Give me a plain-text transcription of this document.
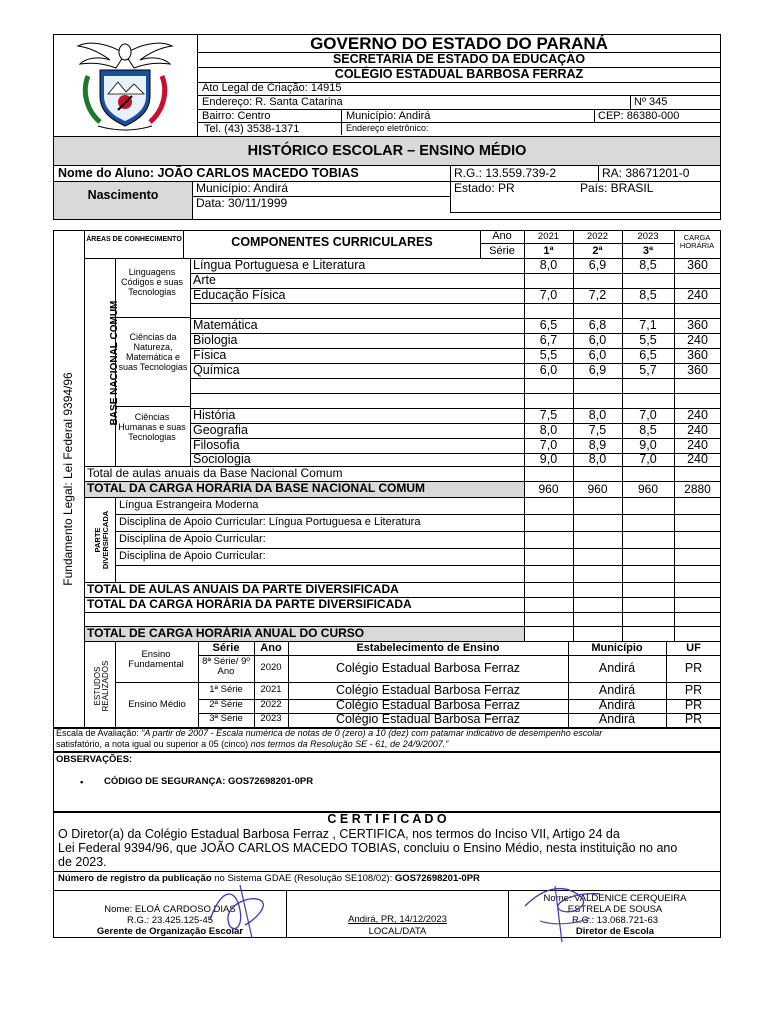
GOVERNO DO ESTADO DO PARANÁ
SECRETARIA DE ESTADO DA EDUCAÇÃO
COLÉGIO ESTADUAL BARBOSA FERRAZ
Ato Legal de Criação: 14915
Endereço: R. Santa Catarina	Nº 345
Bairro: Centro	Município: Andirá	CEP: 86380-000
Tel. (43) 3538-1371	Endereço eletrônico:
HISTÓRICO ESCOLAR – ENSINO MÉDIO
Nome do Aluno: JOÃO CARLOS MACEDO TOBIAS	R.G.: 13.559.739-2	RA: 38671201-0
Nascimento	Município: Andirá	Estado: PR	País: BRASIL
Data: 30/11/1999
Fundamento Legal: Lei Federal 9394/96
ÁREAS DE CONHECIMENTO	COMPONENTES CURRICULARES	Ano
Série
CARGA HORÁRIA
2021	2022	2023
1ª	2ª	3ª
BASE NACIONAL COMUM
Linguagens Códigos e suas Tecnologias
Ciências da Natureza, Matemática e suas Tecnologias
Ciências Humanas e suas Tecnologias
Língua Portuguesa e Literatura	8,0	6,9	8,5	360
Arte
Educação Física	7,0	7,2	8,5	240
Matemática	6,5	6,8	7,1	360
Biologia	6,7	6,0	5,5	240
Física	5,5	6,0	6,5	360
Química	6,0	6,9	5,7	360
História	7,5	8,0	7,0	240
Geografia	8,0	7,5	8,5	240
Filosofia	7,0	8,9	9,0	240
Sociologia	9,0	8,0	7,0	240
Total de aulas anuais da Base Nacional Comum
TOTAL DA CARGA HORÁRIA DA BASE NACIONAL COMUM	960	960	960	2880
PARTE DIVERSIFICADA
Língua Estrangeira Moderna
Disciplina de Apoio Curricular: Língua Portuguesa e Literatura
Disciplina de Apoio Curricular:
Disciplina de Apoio Curricular:
TOTAL DE AULAS ANUAIS DA PARTE DIVERSIFICADA
TOTAL DA CARGA HORÁRIA DA PARTE DIVERSIFICADA
TOTAL DE CARGA HORÁRIA ANUAL DO CURSO
ESTUDOS REALIZADOS
Série	Ano	Estabelecimento de Ensino	Município	UF
Ensino Fundamental
Ensino Médio
8ª Série/ 9º Ano	2020	Colégio Estadual Barbosa Ferraz	Andirá	PR
1ª Série	2021	Colégio Estadual Barbosa Ferraz	Andirá	PR
2ª Série	2022	Colégio Estadual Barbosa Ferraz	Andirá	PR
3ª Série	2023	Colégio Estadual Barbosa Ferraz	Andirá	PR
Escala de Avaliação: “A partir de 2007 - Escala numérica de notas de 0 (zero) a 10 (dez) com patamar indicativo de desempenho escolar
satisfatório, a nota igual ou superior a 05 (cinco) nos termos da Resolução SE - 61, de 24/9/2007.”
OBSERVAÇÕES:
• CÓDIGO DE SEGURANÇA: GOS72698201-0PR
C E R T I F I C A D O
O Diretor(a) da Colégio Estadual Barbosa Ferraz , CERTIFICA, nos termos do Inciso VII, Artigo 24 da
Lei Federal 9394/96, que JOÃO CARLOS MACEDO TOBIAS, concluiu o Ensino Médio, nesta instituição no ano
de 2023.
Número de registro da publicação no Sistema GDAE (Resolução SE108/02): GOS72698201-0PR
Nome: ELOÁ CARDOSO DIAS
R.G.: 23.425.125-45
Gerente de Organização Escolar
Andirá, PR, 14/12/2023
LOCAL/DATA
Nome: VALDENICE CERQUEIRA
ESTRELA DE SOUSA
R.G.: 13.068.721-63
Diretor de Escola
